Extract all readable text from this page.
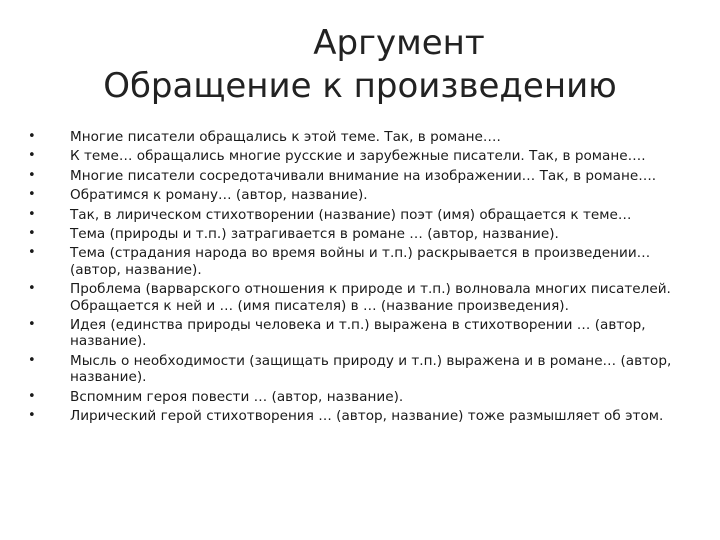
Аргумент
Обращение к произведению
•	Многие писатели обращались к этой теме. Так, в романе….
•	К теме… обращались многие русские и зарубежные писатели. Так, в романе….
•	Многие писатели сосредотачивали внимание на изображении… Так, в романе….
•	Обратимся к роману… (автор, название).
•	Так, в лирическом стихотворении (название) поэт (имя) обращается к теме…
•	Тема (природы и т.п.) затрагивается в романе … (автор, название).
•	Тема (страдания народа во время войны и т.п.) раскрывается в произведении…(автор, название).
•	Проблема (варварского отношения к природе и т.п.) волновала многих писателей. Обращается к ней и … (имя писателя) в … (название произведения).
•	Идея (единства природы человека и т.п.) выражена в стихотворении … (автор, название).
•	Мысль о необходимости (защищать природу и т.п.) выражена и в романе… (автор, название).
•	Вспомним героя повести … (автор, название).
•	Лирический герой стихотворения … (автор, название) тоже размышляет об этом.
